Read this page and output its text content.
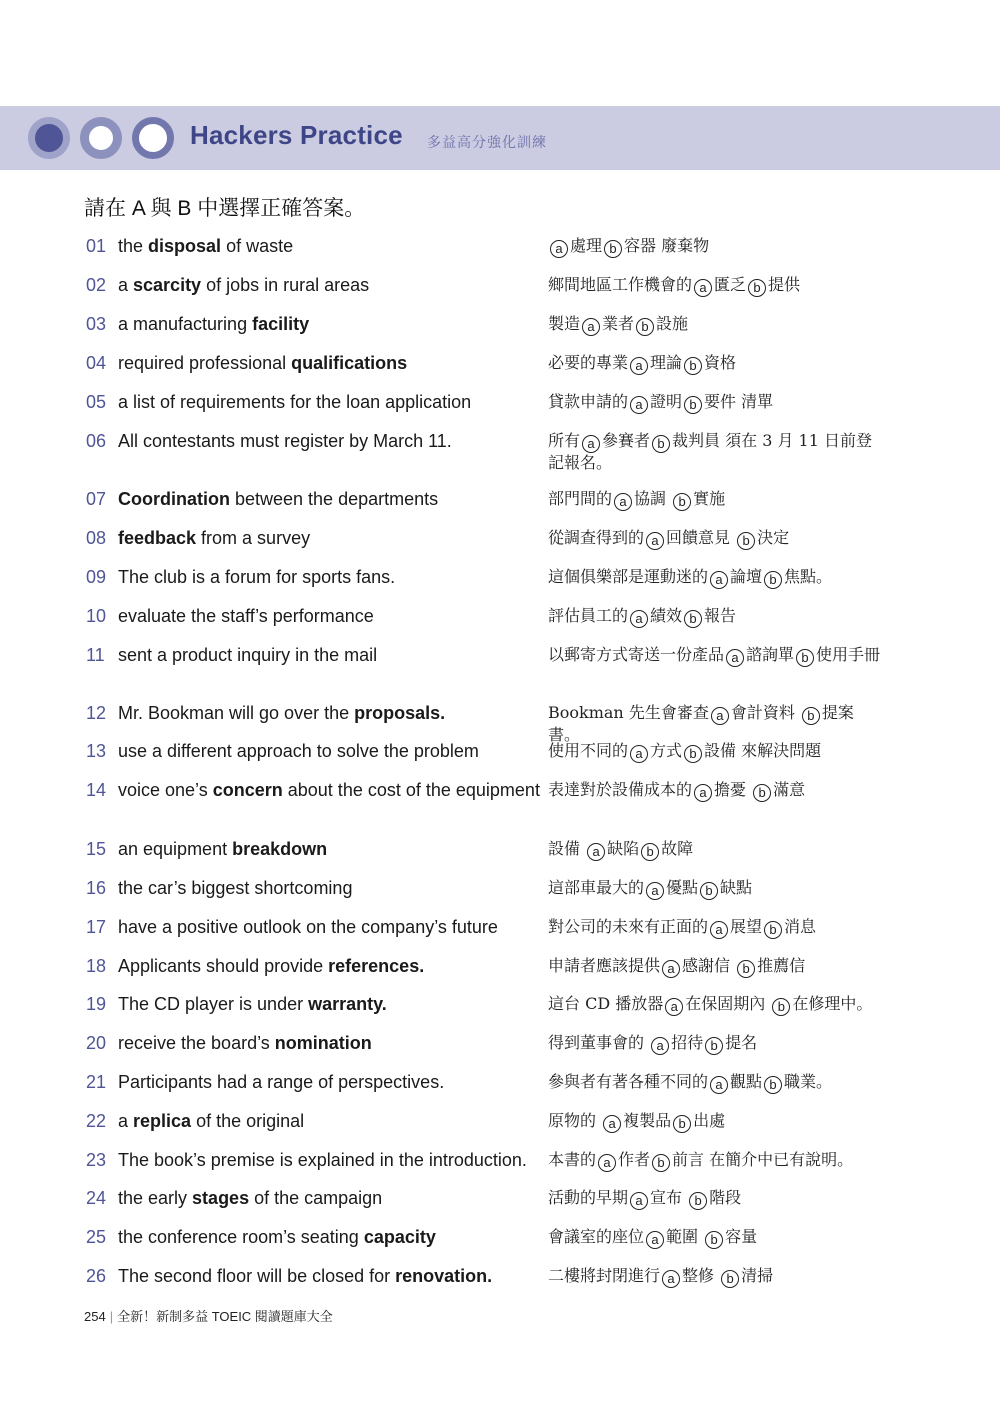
Hackers Practice 多益高分強化訓練
請在 A 與 B 中選擇正確答案。
01 the disposal of waste	a 處理 b 容器 廢棄物
02 a scarcity of jobs in rural areas	鄉間地區工作機會的 a 匱乏 b 提供
03 a manufacturing facility	製造 a 業者 b 設施
04 required professional qualifications	必要的專業 a 理論 b 資格
05 a list of requirements for the loan application	貸款申請的 a 證明 b 要件 清單
06 All contestants must register by March 11.	所有 a 參賽者 b 裁判員 須在 3 月 11 日前登記報名。
07 Coordination between the departments	部門間的 a 協調 b 實施
08 feedback from a survey	從調查得到的 a 回饋意見 b 決定
09 The club is a forum for sports fans.	這個俱樂部是運動迷的 a 論壇 b 焦點。
10 evaluate the staff’s performance	評估員工的 a 績效 b 報告
11 sent a product inquiry in the mail	以郵寄方式寄送一份產品 a 諮詢單 b 使用手冊
12 Mr. Bookman will go over the proposals.	Bookman 先生會審查 a 會計資料 b 提案書。
13 use a different approach to solve the problem	使用不同的 a 方式 b 設備 來解決問題
14 voice one’s concern about the cost of the equipment 表達對於設備成本的 a 擔憂 b 滿意
15 an equipment breakdown	設備 a 缺陷 b 故障
16 the car’s biggest shortcoming	這部車最大的 a 優點 b 缺點
17 have a positive outlook on the company’s future	對公司的未來有正面的 a 展望 b 消息
18 Applicants should provide references.	申請者應該提供 a 感謝信 b 推薦信
19 The CD player is under warranty.	這台 CD 播放器 a 在保固期內 b 在修理中。
20 receive the board’s nomination	得到董事會的 a 招待 b 提名
21 Participants had a range of perspectives.	參與者有著各種不同的 a 觀點 b 職業。
22 a replica of the original	原物的 a 複製品 b 出處
23 The book’s premise is explained in the introduction.	本書的 a 作者 b 前言 在簡介中已有說明。
24 the early stages of the campaign	活動的早期 a 宣布 b 階段
25 the conference room’s seating capacity	會議室的座位 a 範圍 b 容量
26 The second floor will be closed for renovation.	二樓將封閉進行 a 整修 b 清掃
254 | 全新！新制多益 TOEIC 閱讀題庫大全
